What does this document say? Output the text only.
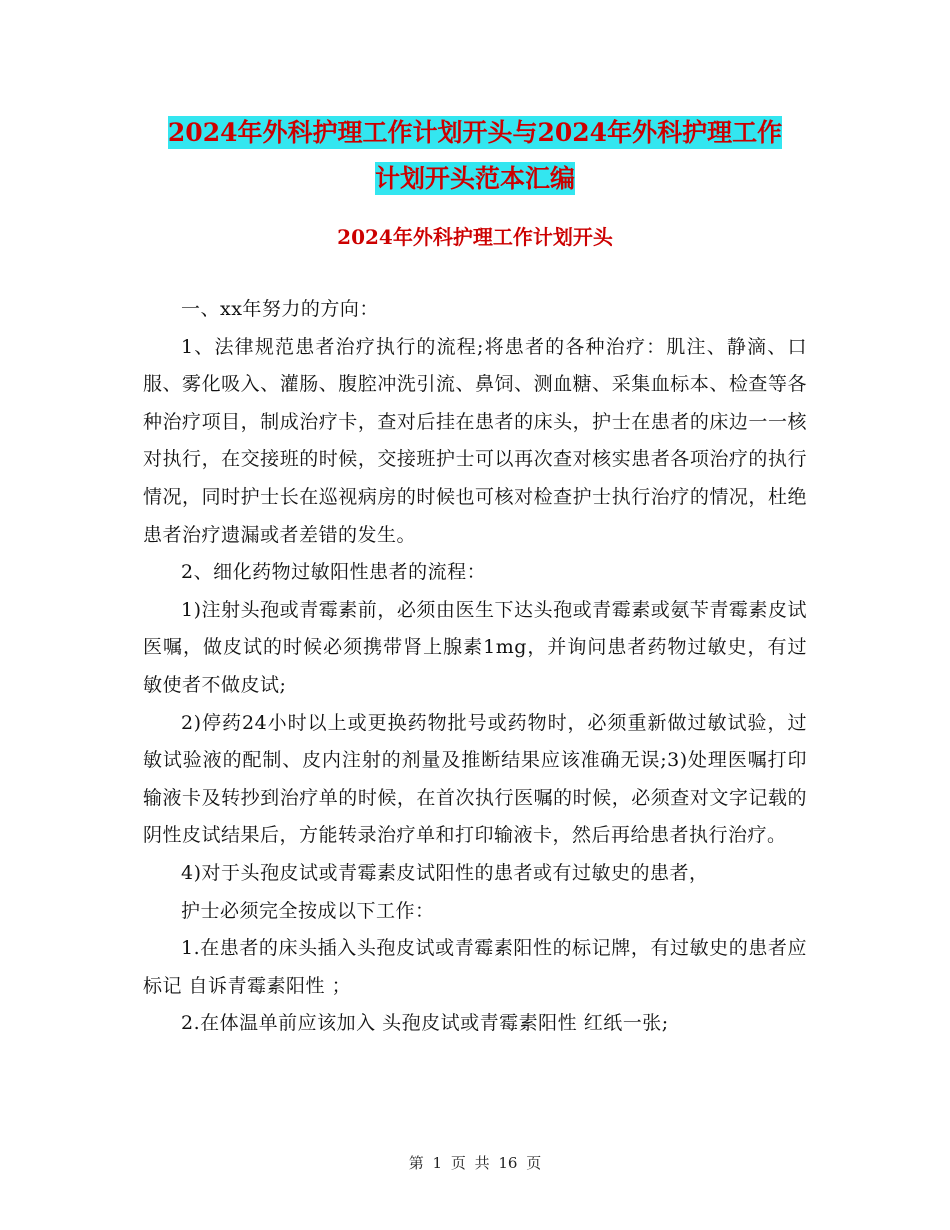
2024年外科护理工作计划开头与2024年外科护理工作
计划开头范本汇编
2024年外科护理工作计划开头

一、xx年努力的方向：

1、法律规范患者治疗执行的流程;将患者的各种治疗：肌注、静滴、口服、雾化吸入、灌肠、腹腔冲洗引流、鼻饲、测血糖、采集血标本、检查等各种治疗项目，制成治疗卡，查对后挂在患者的床头，护士在患者的床边一一核对执行，在交接班的时候，交接班护士可以再次查对核实患者各项治疗的执行情况，同时护士长在巡视病房的时候也可核对检查护士执行治疗的情况，杜绝患者治疗遗漏或者差错的发生。

2、细化药物过敏阳性患者的流程：

1)注射头孢或青霉素前，必须由医生下达头孢或青霉素或氨苄青霉素皮试医嘱，做皮试的时候必须携带肾上腺素1mg，并询问患者药物过敏史，有过敏使者不做皮试;

2)停药24小时以上或更换药物批号或药物时，必须重新做过敏试验，过敏试验液的配制、皮内注射的剂量及推断结果应该准确无误;3)处理医嘱打印输液卡及转抄到治疗单的时候，在首次执行医嘱的时候，必须查对文字记载的阴性皮试结果后，方能转录治疗单和打印输液卡，然后再给患者执行治疗。

4)对于头孢皮试或青霉素皮试阳性的患者或有过敏史的患者，

护士必须完全按成以下工作：

1.在患者的床头插入头孢皮试或青霉素阳性的标记牌，有过敏史的患者应标记 自诉青霉素阳性 ；

2.在体温单前应该加入 头孢皮试或青霉素阳性 红纸一张;

第 1 页 共 16 页
